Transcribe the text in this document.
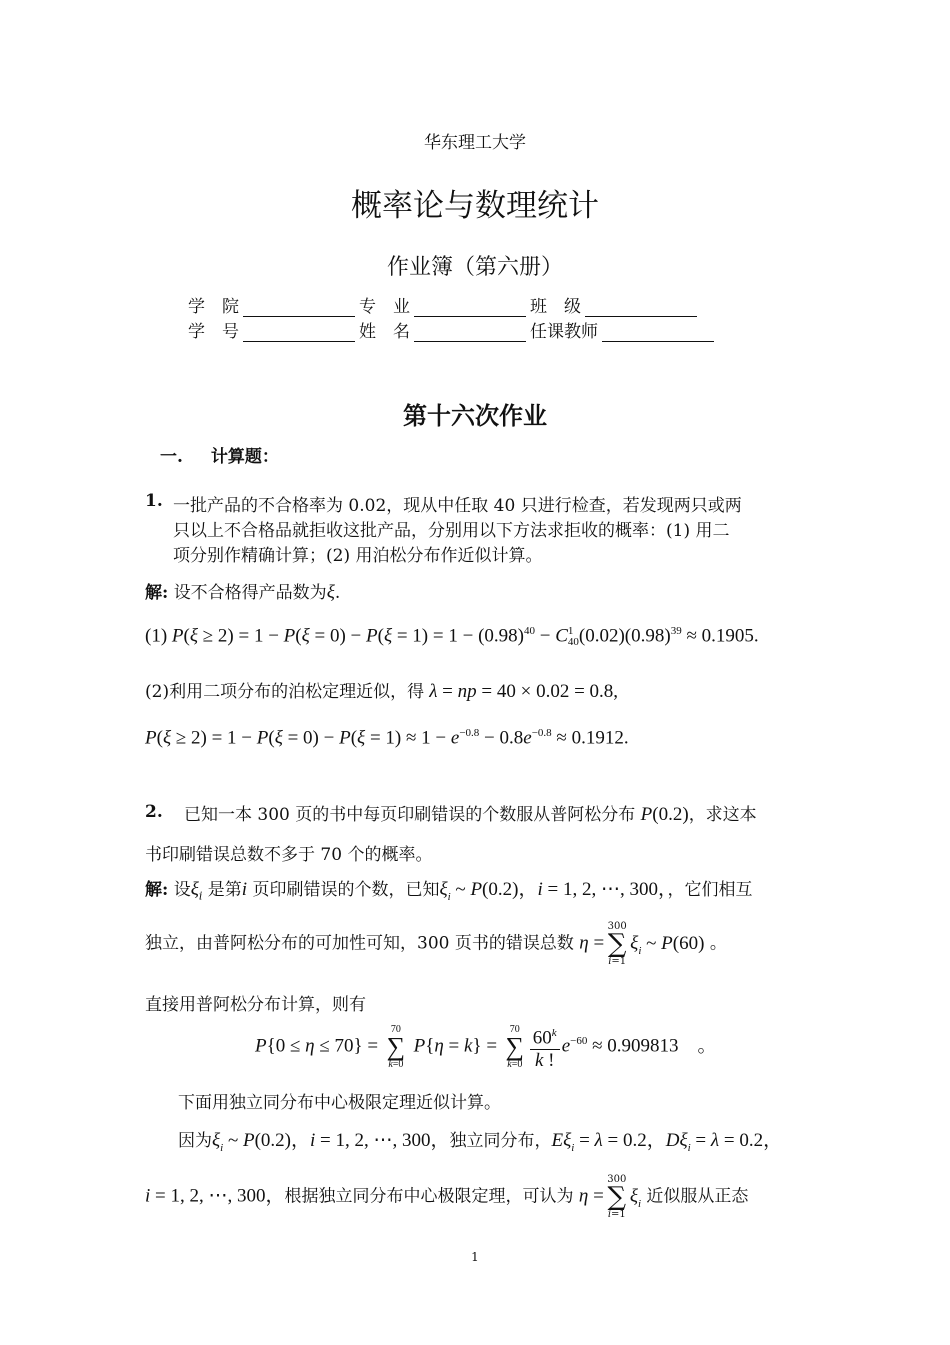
华东理工大学
概率论与数理统计
作业簿（第六册）
学　院	专　业	班　级
学　号	姓　名	任课教师
第十六次作业
一. 计算题：
1. 一批产品的不合格率为 0.02，现从中任取 40 只进行检查，若发现两只或两
只以上不合格品就拒收这批产品，分别用以下方法求拒收的概率：(1) 用二
项分别作精确计算；(2) 用泊松分布作近似计算。
解: 设不合格得产品数为ξ.
(1) $P(\xi \ge 2) = 1 - P(\xi = 0) - P(\xi = 1) = 1 - (0.98)^{40} - C$ 1
40 $(0.02)(0.98)^{39} \approx 0.1905$.
(2)利用二项分布的泊松定理近似，得 λ = np = 40 × 0.02 = 0.8,
$P(\xi \ge 2) = 1 - P(\xi = 0) - P(\xi = 1) \approx 1 - e^{-0.8} - 0.8e^{-0.8} \approx 0.1912$.
2. 已知一本 300 页的书中每页印刷错误的个数服从普阿松分布 P(0.2)，求这本
书印刷错误总数不多于 70 个的概率。
解: 设$\xi_i$ 是第i 页印刷错误的个数，已知$\xi_i$ ~ P(0.2)，i = 1, 2, ⋯, 300，，它们相互
独立，由普阿松分布的可加性可知，300 页书的错误总数 η =
300
∑
i=1
$\xi_i$ ~ P(60) 。
直接用普阿松分布计算，则有
P{0 ≤ η ≤ 70} =
70
∑
k=0
P{η = k} =
70
∑
$k=0 \frac{60^k}{k !} e^{-60} \approx 0.909813$　。
下面用独立同分布中心极限定理近似计算。
因为$\xi_i$ ~ P(0.2)，i = 1, 2, ⋯, 300，独立同分布，$E\xi_i = \lambda = 0.2$，$D\xi_i = \lambda = 0.2$，
i = 1, 2, ⋯, 300，根据独立同分布中心极限定理，可认为 η =
300
∑
i=1
$\xi_i$ 近似服从正态
1
